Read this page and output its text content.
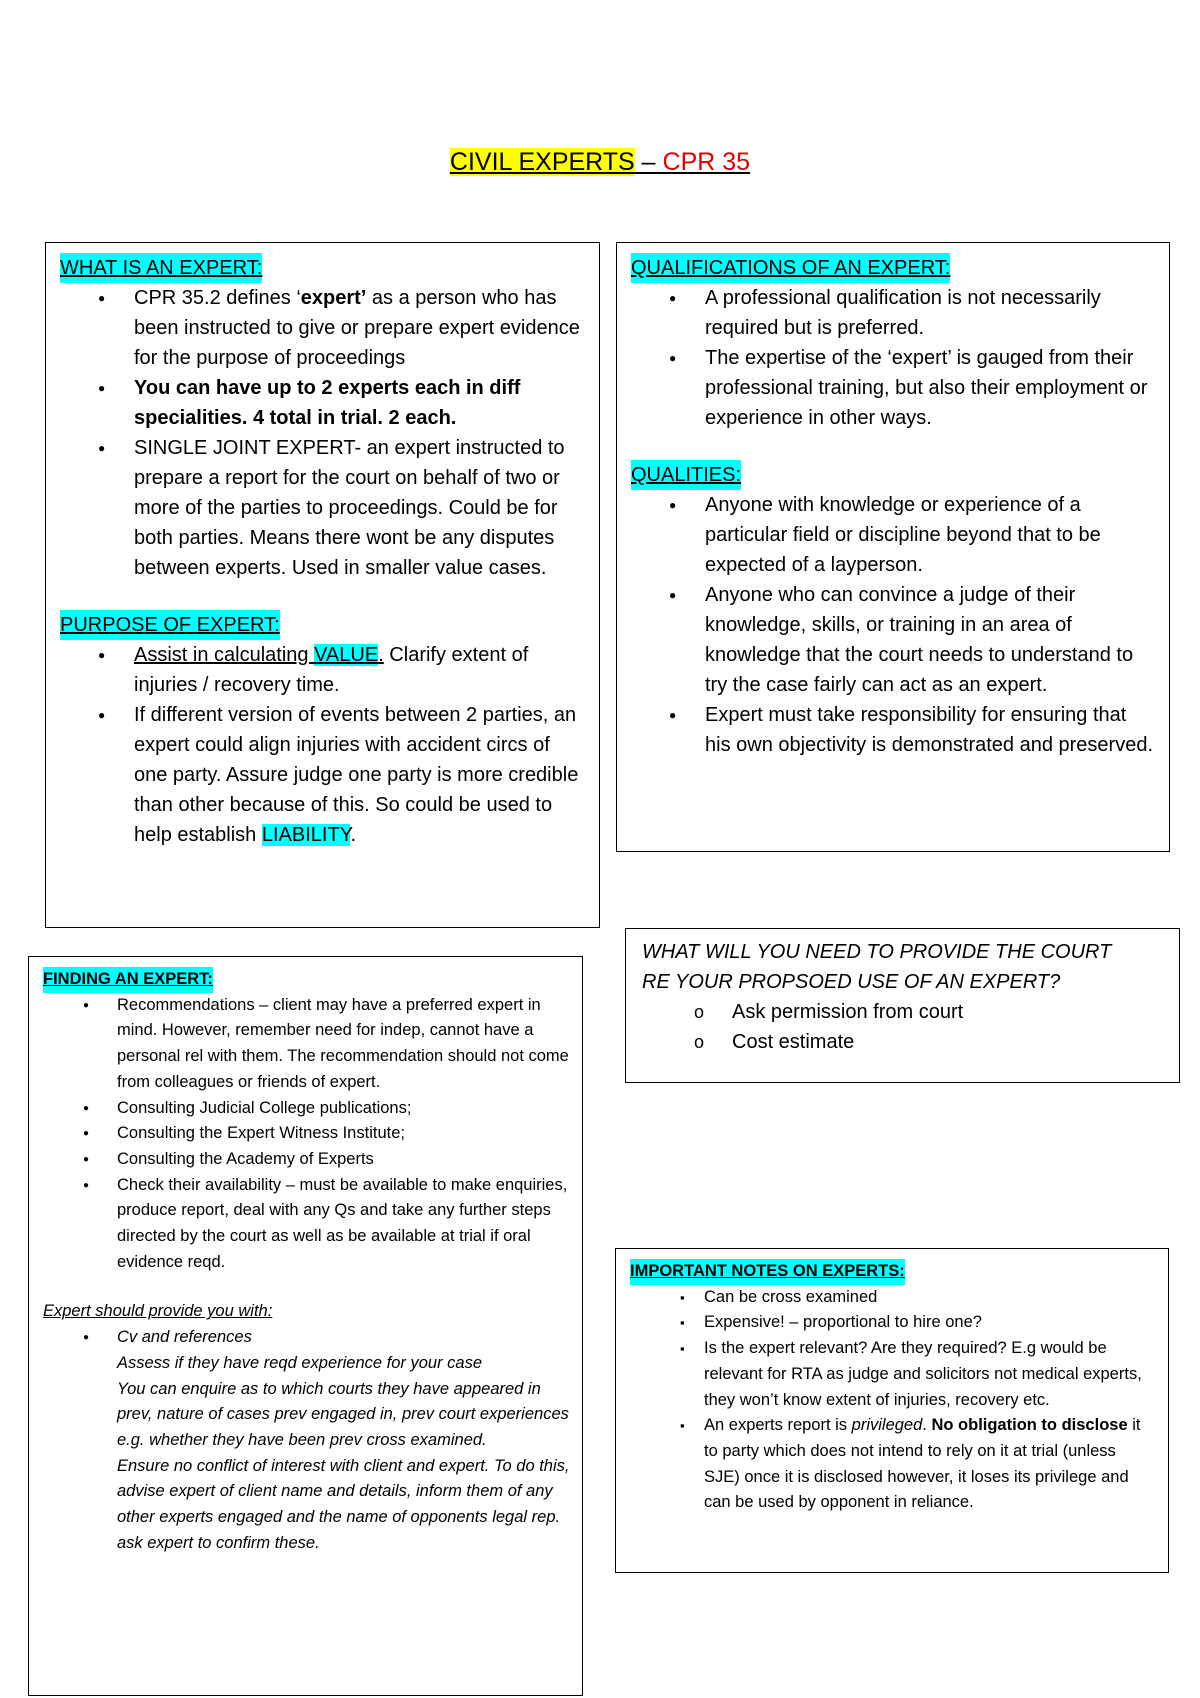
CIVIL EXPERTS – CPR 35
WHAT IS AN EXPERT:
● CPR 35.2 defines ‘expert’ as a person who has been instructed to give or prepare expert evidence for the purpose of proceedings
● You can have up to 2 experts each in diff specialities. 4 total in trial. 2 each.
● SINGLE JOINT EXPERT- an expert instructed to prepare a report for the court on behalf of two or more of the parties to proceedings. Could be for both parties. Means there wont be any disputes between experts. Used in smaller value cases.
PURPOSE OF EXPERT:
● Assist in calculating VALUE. Clarify extent of injuries / recovery time.
● If different version of events between 2 parties, an expert could align injuries with accident circs of one party. Assure judge one party is more credible than other because of this. So could be used to help establish LIABILITY.
QUALIFICATIONS OF AN EXPERT:
● A professional qualification is not necessarily required but is preferred.
● The expertise of the ‘expert’ is gauged from their professional training, but also their employment or experience in other ways.
QUALITIES:
● Anyone with knowledge or experience of a particular field or discipline beyond that to be expected of a layperson.
● Anyone who can convince a judge of their knowledge, skills, or training in an area of knowledge that the court needs to understand to try the case fairly can act as an expert.
● Expert must take responsibility for ensuring that his own objectivity is demonstrated and preserved.
WHAT WILL YOU NEED TO PROVIDE THE COURT RE YOUR PROPSOED USE OF AN EXPERT?
o Ask permission from court
o Cost estimate
FINDING AN EXPERT:
● Recommendations – client may have a preferred expert in mind. However, remember need for indep, cannot have a personal rel with them. The recommendation should not come from colleagues or friends of expert.
● Consulting Judicial College publications;
● Consulting the Expert Witness Institute;
● Consulting the Academy of Experts
● Check their availability – must be available to make enquiries, produce report, deal with any Qs and take any further steps directed by the court as well as be available at trial if oral evidence reqd.
Expert should provide you with:
● Cv and references
Assess if they have reqd experience for your case
You can enquire as to which courts they have appeared in prev, nature of cases prev engaged in, prev court experiences e.g. whether they have been prev cross examined.
Ensure no conflict of interest with client and expert. To do this, advise expert of client name and details, inform them of any other experts engaged and the name of opponents legal rep. ask expert to confirm these.
IMPORTANT NOTES ON EXPERTS:
▪ Can be cross examined
▪ Expensive! – proportional to hire one?
▪ Is the expert relevant? Are they required? E.g would be relevant for RTA as judge and solicitors not medical experts, they won’t know extent of injuries, recovery etc.
▪ An experts report is privileged. No obligation to disclose it to party which does not intend to rely on it at trial (unless SJE) once it is disclosed however, it loses its privilege and can be used by opponent in reliance.
